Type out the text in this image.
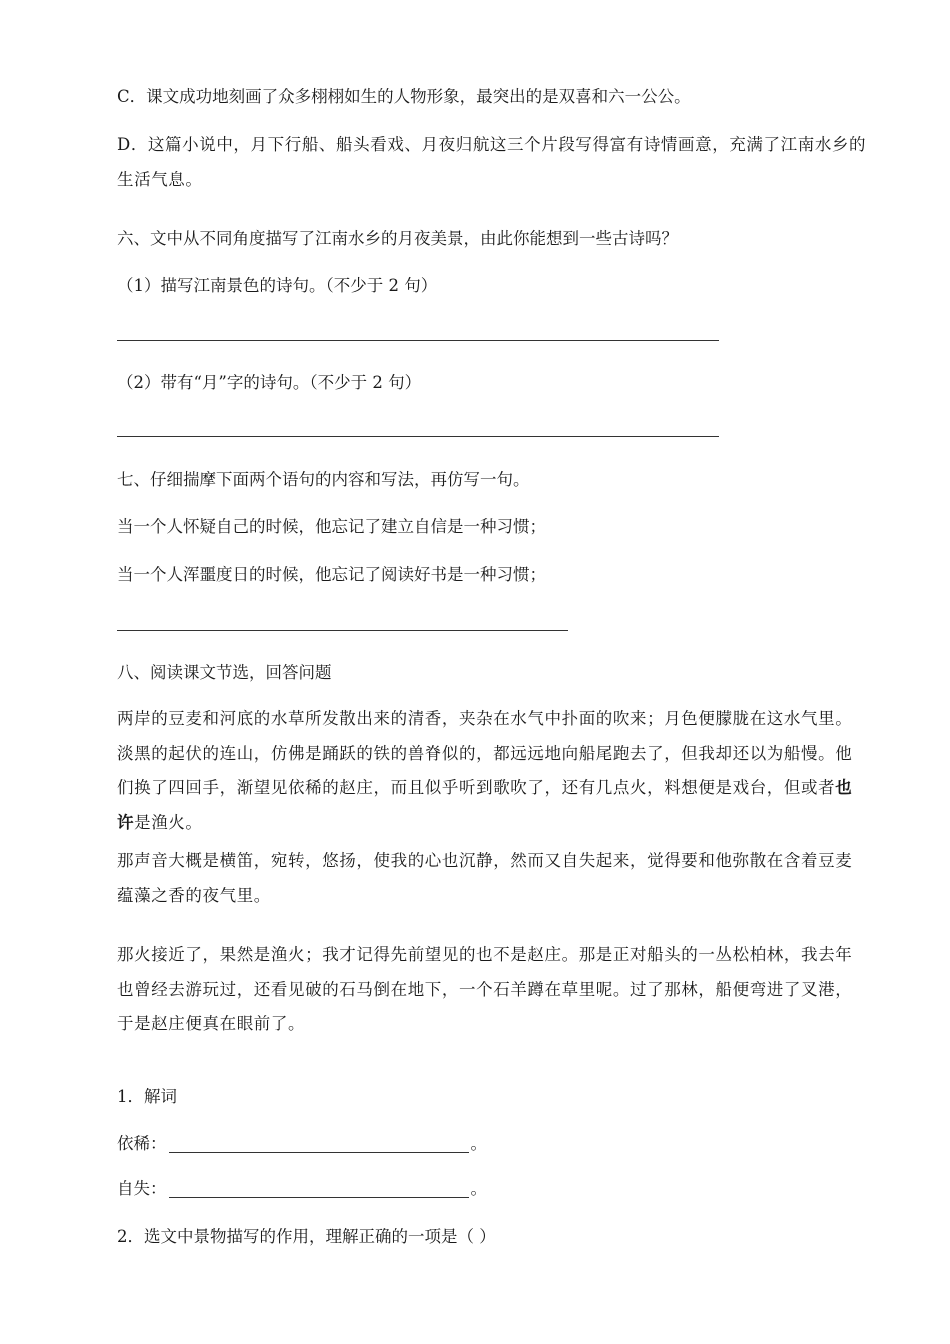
C．课文成功地刻画了众多栩栩如生的人物形象，最突出的是双喜和六一公公。
D．这篇小说中，月下行船、船头看戏、月夜归航这三个片段写得富有诗情画意，充满了江南水乡的生活气息。
六、文中从不同角度描写了江南水乡的月夜美景，由此你能想到一些古诗吗？
（1）描写江南景色的诗句。（不少于 2 句）
（2）带有“月”字的诗句。（不少于 2 句）
七、仔细揣摩下面两个语句的内容和写法，再仿写一句。
当一个人怀疑自己的时候，他忘记了建立自信是一种习惯；
当一个人浑噩度日的时候，他忘记了阅读好书是一种习惯；
八、阅读课文节选，回答问题
两岸的豆麦和河底的水草所发散出来的清香，夹杂在水气中扑面的吹来；月色便朦胧在这水气里。淡黑的起伏的连山，仿佛是踊跃的铁的兽脊似的，都远远地向船尾跑去了，但我却还以为船慢。他们换了四回手，渐望见依稀的赵庄，而且似乎听到歌吹了，还有几点火，料想便是戏台，但或者也许是渔火。
那声音大概是横笛，宛转，悠扬，使我的心也沉静，然而又自失起来，觉得要和他弥散在含着豆麦蕴藻之香的夜气里。
那火接近了，果然是渔火；我才记得先前望见的也不是赵庄。那是正对船头的一丛松柏林，我去年也曾经去游玩过，还看见破的石马倒在地下，一个石羊蹲在草里呢。过了那林，船便弯进了叉港，于是赵庄便真在眼前了。
1．解词
依稀：	。
自失：	。
2．选文中景物描写的作用，理解正确的一项是（ ）
